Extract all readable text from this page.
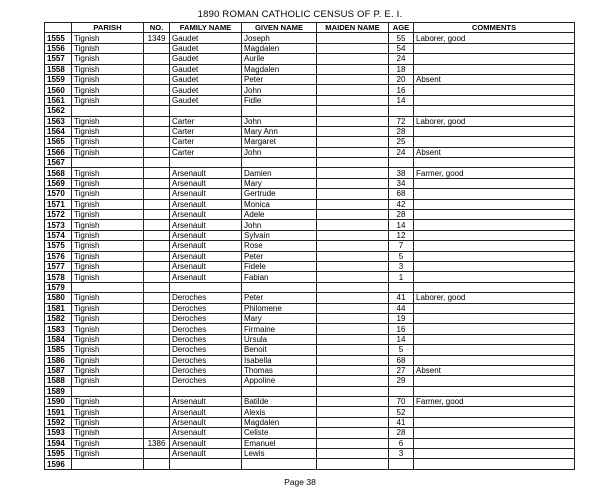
1890 ROMAN CATHOLIC CENSUS OF P. E. I.
	PARISH	NO.	FAMILY NAME	GIVEN NAME	MAIDEN NAME	AGE	COMMENTS
1555	Tignish	1349	Gaudet	Joseph		55	Laborer, good
1556	Tignish		Gaudet	Magdalen		54	
1557	Tignish		Gaudet	Aurile		24	
1558	Tignish		Gaudet	Magdalen		18	
1559	Tignish		Gaudet	Peter		20	Absent
1560	Tignish		Gaudet	John		16	
1561	Tignish		Gaudet	Fidle		14	
1562							
1563	Tignish		Carter	John		72	Laborer, good
1564	Tignish		Carter	Mary Ann		28	
1565	Tignish		Carter	Margaret		25	
1566	Tignish		Carter	John		24	Absent
1567							
1568	Tignish		Arsenault	Damien		38	Farmer, good
1569	Tignish		Arsenault	Mary		34	
1570	Tignish		Arsenault	Gertrude		68	
1571	Tignish		Arsenault	Monica		42	
1572	Tignish		Arsenault	Adele		28	
1573	Tignish		Arsenault	John		14	
1574	Tignish		Arsenault	Sylvain		12	
1575	Tignish		Arsenault	Rose		7	
1576	Tignish		Arsenault	Peter		5	
1577	Tignish		Arsenault	Fidele		3	
1578	Tignish		Arsenault	Fabian		1	
1579							
1580	Tignish		Deroches	Peter		41	Laborer, good
1581	Tignish		Deroches	Philomene		44	
1582	Tignish		Deroches	Mary		19	
1583	Tignish		Deroches	Firmaine		16	
1584	Tignish		Deroches	Ursula		14	
1585	Tignish		Deroches	Benoit		5	
1586	Tignish		Deroches	Isabella		68	
1587	Tignish		Deroches	Thomas		27	Absent
1588	Tignish		Deroches	Appoline		29	
1589							
1590	Tignish		Arsenault	Batilde		70	Farmer, good
1591	Tignish		Arsenault	Alexis		52	
1592	Tignish		Arsenault	Magdalen		41	
1593	Tignish		Arsenault	Celiste		28	
1594	Tignish	1386	Arsenault	Emanuel		6	
1595	Tignish		Arsenault	Lewis		3	
1596							
Page 38
